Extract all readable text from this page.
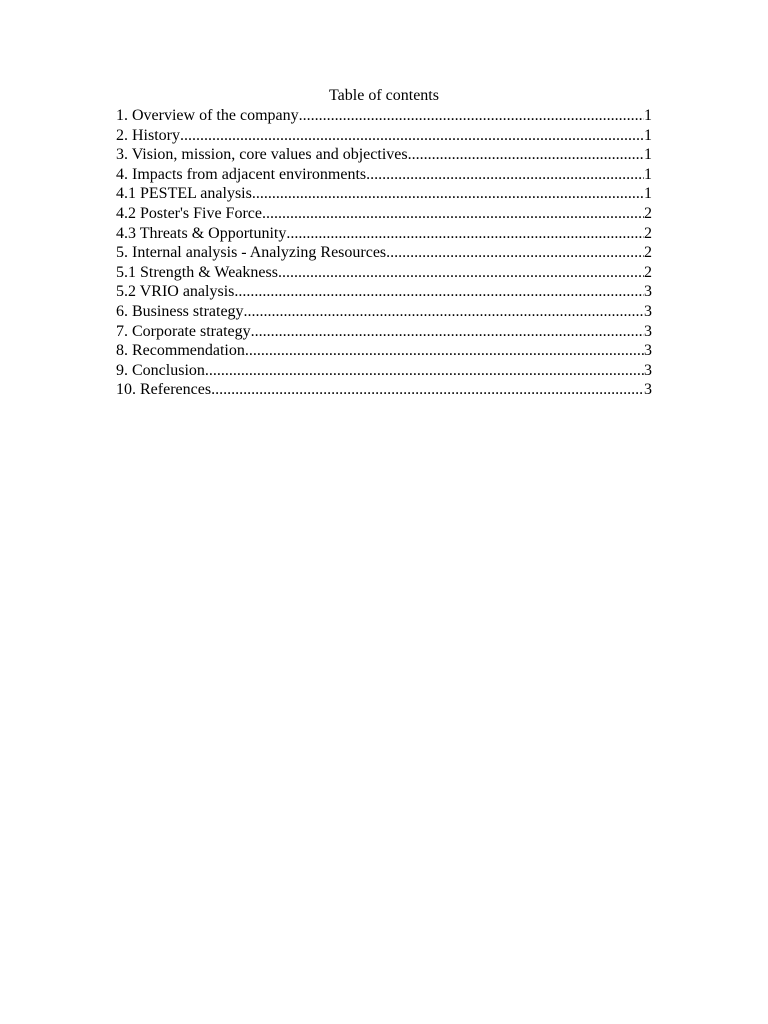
Table of contents
1. Overview of the company .....	1
2. History .....	1
3. Vision, mission, core values and objectives .....	1
4. Impacts from adjacent environments .....	1
4.1 PESTEL analysis .....	1
4.2 Poster's Five Force .....	2
4.3 Threats & Opportunity .....	2
5. Internal analysis - Analyzing Resources .....	2
5.1 Strength & Weakness .....	2
5.2 VRIO analysis .....	3
6. Business strategy .....	3
7. Corporate strategy .....	3
8. Recommendation .....	3
9. Conclusion .....	3
10. References .....	3
